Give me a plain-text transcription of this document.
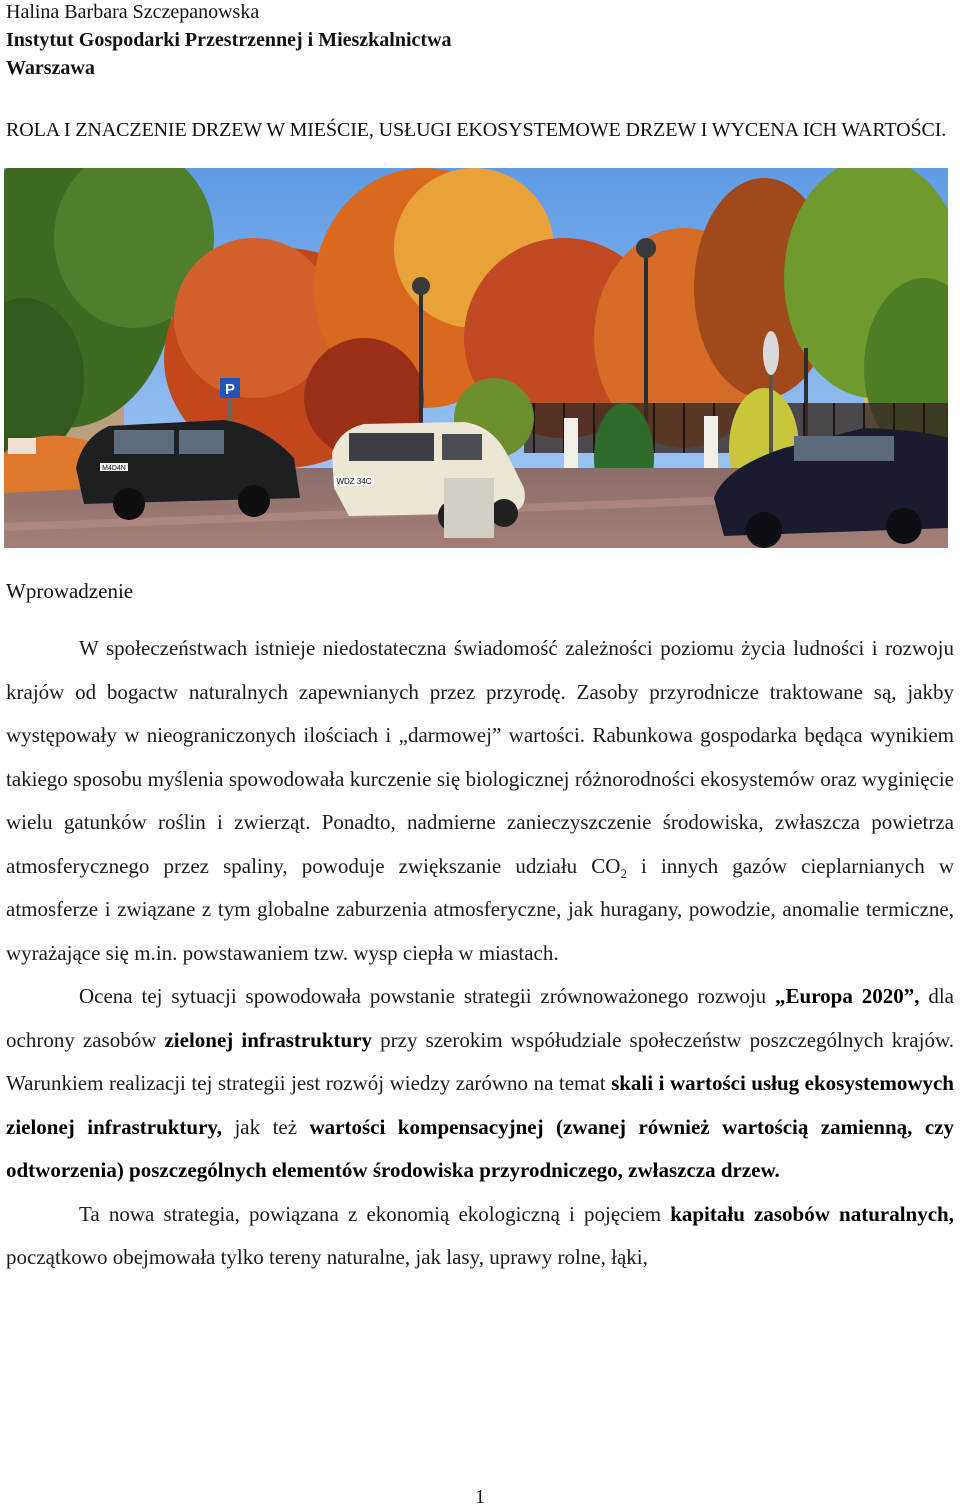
Halina Barbara Szczepanowska
Instytut Gospodarki Przestrzennej i Mieszkalnictwa
Warszawa
ROLA I ZNACZENIE DRZEW W MIEŚCIE, USŁUGI EKOSYSTEMOWE DRZEW I WYCENA ICH WARTOŚCI.
P
M4D4N
WDZ 34C
Wprowadzenie

W społeczeństwach istnieje niedostateczna świadomość zależności poziomu życia ludności i rozwoju krajów od bogactw naturalnych zapewnianych przez przyrodę. Zasoby przyrodnicze traktowane są, jakby występowały w nieograniczonych ilościach i „darmowej” wartości. Rabunkowa gospodarka będąca wynikiem takiego sposobu myślenia spowodowała kurczenie się biologicznej różnorodności ekosystemów oraz wyginięcie wielu gatunków roślin i zwierząt. Ponadto, nadmierne zanieczyszczenie środowiska, zwłaszcza powietrza atmosferycznego przez spaliny, powoduje zwiększanie udziału $CO_2$ i innych gazów cieplarnianych w atmosferze i związane z tym globalne zaburzenia atmosferyczne, jak huragany, powodzie, anomalie termiczne, wyrażające się m.in. powstawaniem tzw. wysp ciepła w miastach.

Ocena tej sytuacji spowodowała powstanie strategii zrównoważonego rozwoju „Europa 2020”, dla ochrony zasobów zielonej infrastruktury przy szerokim współudziale społeczeństw poszczególnych krajów. Warunkiem realizacji tej strategii jest rozwój wiedzy zarówno na temat skali i wartości usług ekosystemowych zielonej infrastruktury, jak też wartości kompensacyjnej (zwanej również wartością zamienną, czy odtworzenia) poszczególnych elementów środowiska przyrodniczego, zwłaszcza drzew.

Ta nowa strategia, powiązana z ekonomią ekologiczną i pojęciem kapitału zasobów naturalnych, początkowo obejmowała tylko tereny naturalne, jak lasy, uprawy rolne, łąki,

1
